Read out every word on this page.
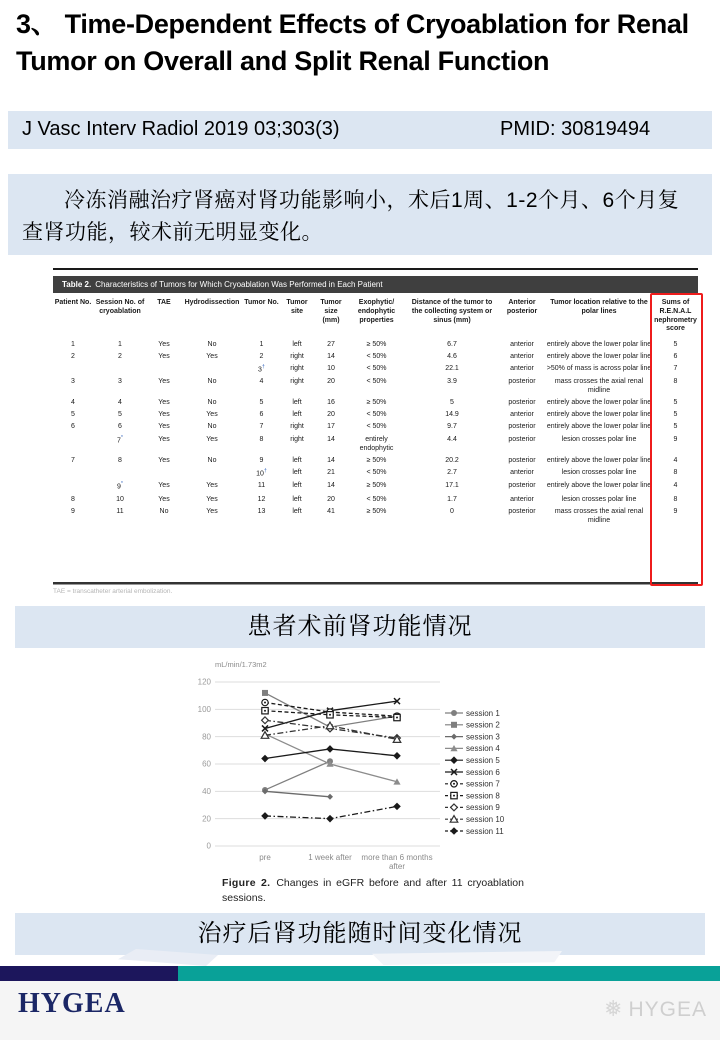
3、 Time-Dependent Effects of Cryoablation for Renal Tumor on Overall and Split Renal Function
J Vasc Interv Radiol 2019 03;303(3)	PMID: 30819494
冷冻消融治疗肾癌对肾功能影响小，术后1周、1-2个月、6个月复查肾功能，较术前无明显变化。
Table 2. Characteristics of Tumors for Which Cryoablation Was Performed in Each Patient
Patient No.	Session No. of cryoablation	TAE	Hydrodissection	Tumor No.	Tumor site	Tumor size (mm)	Exophytic/ endophytic properties	Distance of the tumor to the collecting system or sinus (mm)	Anterior posterior	Tumor location relative to the polar lines	Sums of R.E.N.A.L nephrometry score
1	1	Yes	No	1	left	27	≥ 50%	6.7	anterior	entirely above the lower polar line	5
2	2	Yes	Yes	2	right	14	< 50%	4.6	anterior	entirely above the lower polar line	6
				3†	right	10	< 50%	22.1	anterior	>50% of mass is across polar line	7
3	3	Yes	No	4	right	20	< 50%	3.9	posterior	mass crosses the axial renal midline	8
4	4	Yes	No	5	left	16	≥ 50%	5	posterior	entirely above the lower polar line	5
5	5	Yes	Yes	6	left	20	< 50%	14.9	anterior	entirely above the lower polar line	5
6	6	Yes	No	7	right	17	< 50%	9.7	posterior	entirely above the lower polar line	5
	7*	Yes	Yes	8	right	14	entirely endophytic	4.4	posterior	lesion crosses polar line	9
7	8	Yes	No	9	left	14	≥ 50%	20.2	posterior	entirely above the lower polar line	4
				10†	left	21	< 50%	2.7	anterior	lesion crosses polar line	8
	9*	Yes	Yes	11	left	14	≥ 50%	17.1	posterior	entirely above the lower polar line	4
8	10	Yes	Yes	12	left	20	< 50%	1.7	anterior	lesion crosses polar line	8
9	11	No	Yes	13	left	41	≥ 50%	0	posterior	mass crosses the axial renal midline	9
TAE = transcatheter arterial embolization.
患者术前肾功能情况
0
20
40
60
80
100
120
mL/min/1.73m2
pre	1 week after more than 6 months after
session 1
session 2
session 3
session 4
session 5
session 6
session 7
session 8
session 9
session 10
session 11
Figure 2. Changes in eGFR before and after 11 cryoablation sessions.
治疗后肾功能随时间变化情况
HYGEA	❅ HYGEA
